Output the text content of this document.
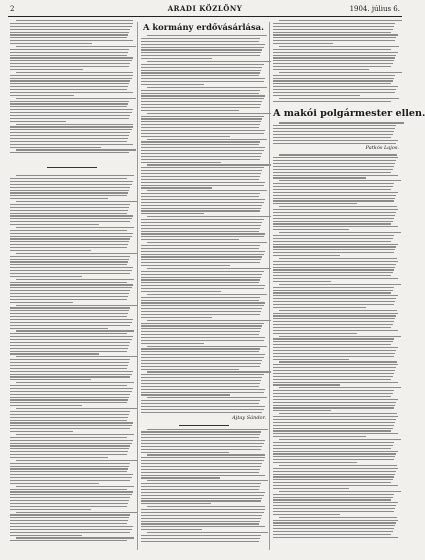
2	ARADI KÖZLÖNY	1904. július 6.
A kormány erdővásárlása.
Ajtay Sándor.
A makói polgármester ellen.
Patkós Lajos.
